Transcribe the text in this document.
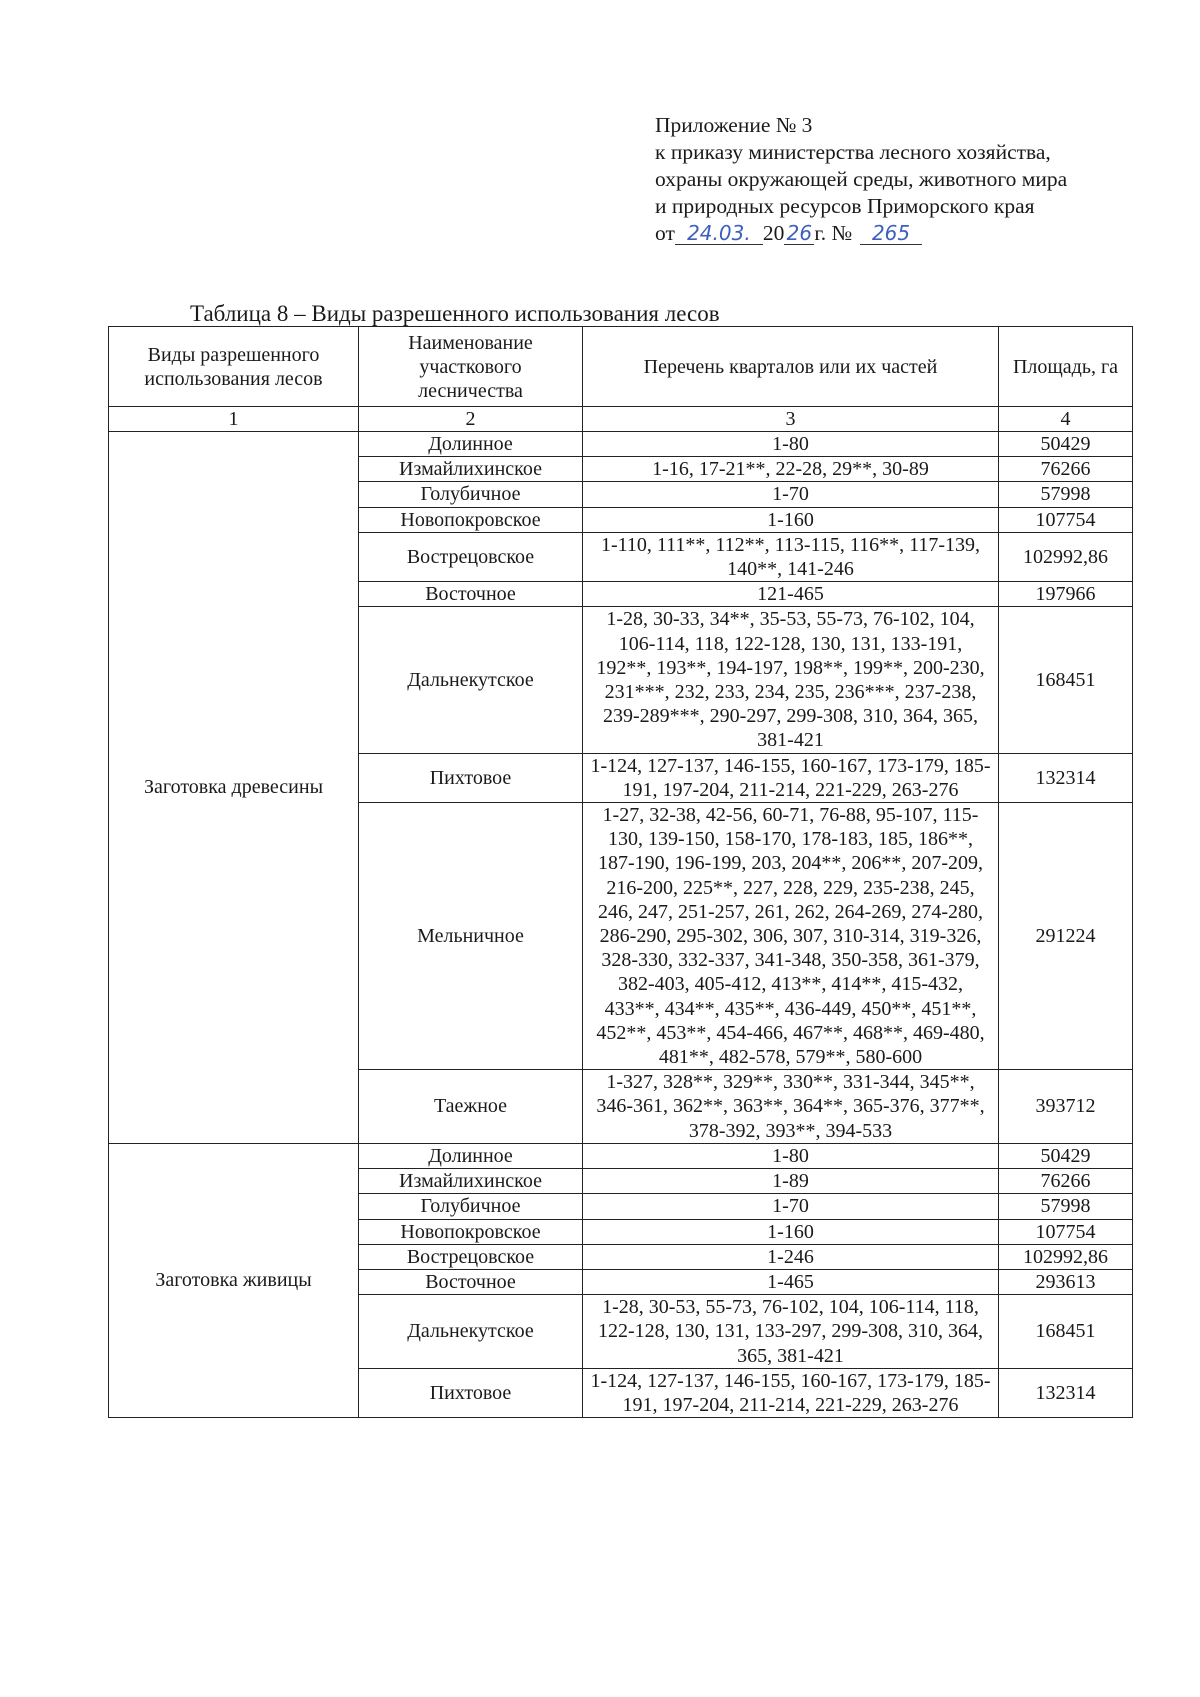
Приложение № 3
к приказу министерства лесного хозяйства,
охраны окружающей среды, животного мира
и природных ресурсов Приморского края
от 24.03. 20 26 г. № 265
Таблица 8 – Виды разрешенного использования лесов
Виды разрешенного использования лесов	Наименование участкового лесничества	Перечень кварталов или их частей	Площадь, га
1	2	3	4
Заготовка древесины	Долинное	1-80	50429
	Измайлихинское	1-16, 17-21**, 22-28, 29**, 30-89	76266
	Голубичное	1-70	57998
	Новопокровское	1-160	107754
	Вострецовское	1-110, 111**, 112**, 113-115, 116**, 117-139, 140**, 141-246	102992,86
	Восточное	121-465	197966
	Дальнекутское	1-28, 30-33, 34**, 35-53, 55-73, 76-102, 104, 106-114, 118, 122-128, 130, 131, 133-191, 192**, 193**, 194-197, 198**, 199**, 200-230, 231***, 232, 233, 234, 235, 236***, 237-238, 239-289***, 290-297, 299-308, 310, 364, 365, 381-421	168451
	Пихтовое	1-124, 127-137, 146-155, 160-167, 173-179, 185-191, 197-204, 211-214, 221-229, 263-276	132314
	Мельничное	1-27, 32-38, 42-56, 60-71, 76-88, 95-107, 115-130, 139-150, 158-170, 178-183, 185, 186**, 187-190, 196-199, 203, 204**, 206**, 207-209, 216-200, 225**, 227, 228, 229, 235-238, 245, 246, 247, 251-257, 261, 262, 264-269, 274-280, 286-290, 295-302, 306, 307, 310-314, 319-326, 328-330, 332-337, 341-348, 350-358, 361-379, 382-403, 405-412, 413**, 414**, 415-432, 433**, 434**, 435**, 436-449, 450**, 451**, 452**, 453**, 454-466, 467**, 468**, 469-480, 481**, 482-578, 579**, 580-600	291224
	Таежное	1-327, 328**, 329**, 330**, 331-344, 345**, 346-361, 362**, 363**, 364**, 365-376, 377**, 378-392, 393**, 394-533	393712
Заготовка живицы	Долинное	1-80	50429
	Измайлихинское	1-89	76266
	Голубичное	1-70	57998
	Новопокровское	1-160	107754
	Вострецовское	1-246	102992,86
	Восточное	1-465	293613
	Дальнекутское	1-28, 30-53, 55-73, 76-102, 104, 106-114, 118, 122-128, 130, 131, 133-297, 299-308, 310, 364, 365, 381-421	168451
	Пихтовое	1-124, 127-137, 146-155, 160-167, 173-179, 185-191, 197-204, 211-214, 221-229, 263-276	132314
